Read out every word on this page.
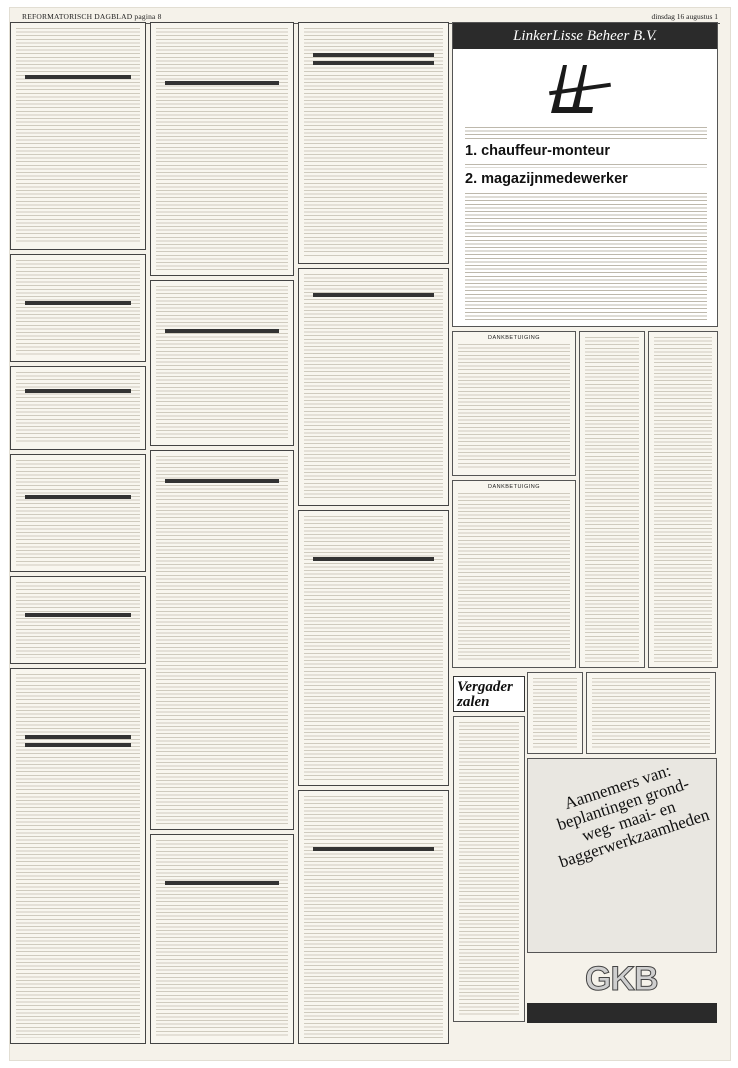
REFORMATORISCH DAGBLAD pagina 8	dinsdag 16 augustus 1
LinkerLisse Beheer B.V.
1. chauffeur-monteur
2. magazijnmedewerker
DANKBETUIGING
DANKBETUIGING
Vergader zalen
Aannemers van: beplantingen grond- weg- maai- en baggerwerkzaamheden
GKB
